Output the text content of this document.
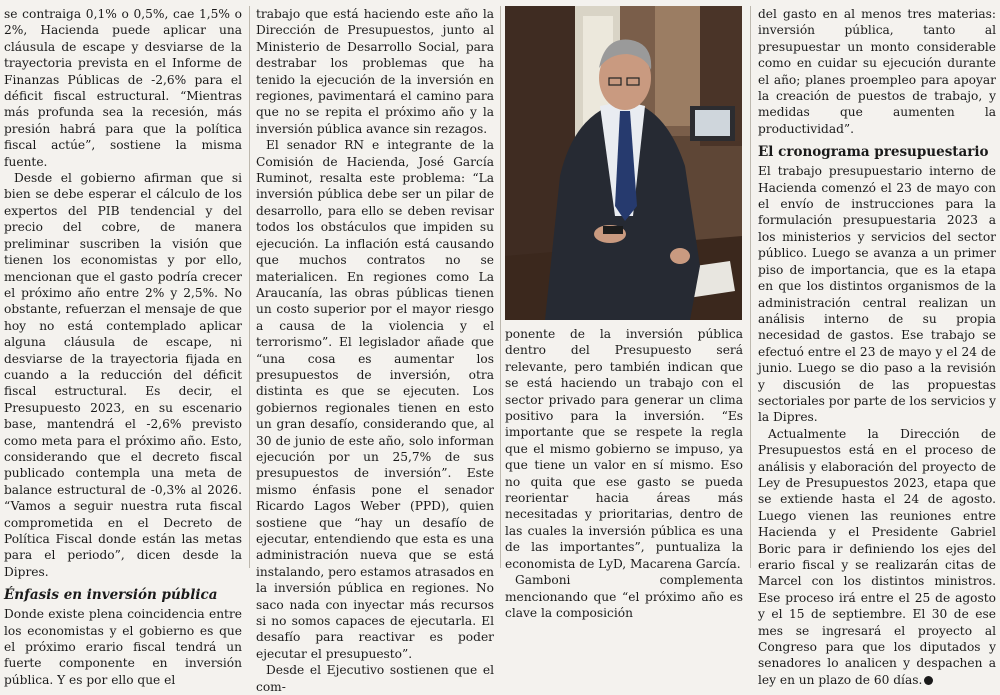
se contraiga 0,1% o 0,5%, cae 1,5% o 2%, Hacienda puede aplicar una cláusula de escape y desviarse de la trayectoria prevista en el Informe de Finanzas Públicas de -2,6% para el déficit fiscal estructural. “Mientras más profunda sea la recesión, más presión habrá para que la política fiscal actúe”, sostiene la misma fuente.

Desde el gobierno afirman que si bien se debe esperar el cálculo de los expertos del PIB tendencial y del precio del cobre, de manera preliminar suscriben la visión que tienen los economistas y por ello, mencionan que el gasto podría crecer el próximo año entre 2% y 2,5%. No obstante, refuerzan el mensaje de que hoy no está contemplado aplicar alguna cláusula de escape, ni desviarse de la trayectoria fijada en cuando a la reducción del déficit fiscal estructural. Es decir, el Presupuesto 2023, en su escenario base, mantendrá el -2,6% previsto como meta para el próximo año. Esto, considerando que el decreto fiscal publicado contempla una meta de balance estructural de -0,3% al 2026. “Vamos a seguir nuestra ruta fiscal comprometida en el Decreto de Política Fiscal donde están las metas para el periodo”, dicen desde la Dipres.

Énfasis en inversión pública

Donde existe plena coincidencia entre los economistas y el gobierno es que el próximo erario fiscal tendrá un fuerte componente en inversión pública. Y es por ello que el

trabajo que está haciendo este año la Dirección de Presupuestos, junto al Ministerio de Desarrollo Social, para destrabar los problemas que ha tenido la ejecución de la inversión en regiones, pavimentará el camino para que no se repita el próximo año y la inversión pública avance sin rezagos.

El senador RN e integrante de la Comisión de Hacienda, José García Ruminot, resalta este problema: “La inversión pública debe ser un pilar de desarrollo, para ello se deben revisar todos los obstáculos que impiden su ejecución. La inflación está causando que muchos contratos no se materialicen. En regiones como La Araucanía, las obras públicas tienen un costo superior por el mayor riesgo a causa de la violencia y el terrorismo”. El legislador añade que “una cosa es aumentar los presupuestos de inversión, otra distinta es que se ejecuten. Los gobiernos regionales tienen en esto un gran desafío, considerando que, al 30 de junio de este año, solo informan ejecución por un 25,7% de sus presupuestos de inversión”. Este mismo énfasis pone el senador Ricardo Lagos Weber (PPD), quien sostiene que “hay un desafío de ejecutar, entendiendo que esta es una administración nueva que se está instalando, pero estamos atrasados en la inversión pública en regiones. No saco nada con inyectar más recursos si no somos capaces de ejecutarla. El desafío para reactivar es poder ejecutar el presupuesto”.

Desde el Ejecutivo sostienen que el com-

ponente de la inversión pública dentro del Presupuesto será relevante, pero también indican que se está haciendo un trabajo con el sector privado para generar un clima positivo para la inversión. “Es importante que se respete la regla que el mismo gobierno se impuso, ya que tiene un valor en sí mismo. Eso no quita que ese gasto se pueda reorientar hacia áreas más necesitadas y prioritarias, dentro de las cuales la inversión pública es una de las importantes”, puntualiza la economista de LyD, Macarena García.

Gamboni complementa mencionando que “el próximo año es clave la composición

del gasto en al menos tres materias: inversión pública, tanto al presupuestar un monto considerable como en cuidar su ejecución durante el año; planes proempleo para apoyar la creación de puestos de trabajo, y medidas que aumenten la productividad”.

El cronograma presupuestario

El trabajo presupuestario interno de Hacienda comenzó el 23 de mayo con el envío de instrucciones para la formulación presupuestaria 2023 a los ministerios y servicios del sector público. Luego se avanza a un primer piso de importancia, que es la etapa en que los distintos organismos de la administración central realizan un análisis interno de su propia necesidad de gastos. Ese trabajo se efectuó entre el 23 de mayo y el 24 de junio. Luego se dio paso a la revisión y discusión de las propuestas sectoriales por parte de los servicios y la Dipres.

Actualmente la Dirección de Presupuestos está en el proceso de análisis y elaboración del proyecto de Ley de Presupuestos 2023, etapa que se extiende hasta el 24 de agosto. Luego vienen las reuniones entre Hacienda y el Presidente Gabriel Boric para ir definiendo los ejes del erario fiscal y se realizarán citas de Marcel con los distintos ministros. Ese proceso irá entre el 25 de agosto y el 15 de septiembre. El 30 de ese mes se ingresará el proyecto al Congreso para que los diputados y senadores lo analicen y despachen a ley en un plazo de 60 días. P
